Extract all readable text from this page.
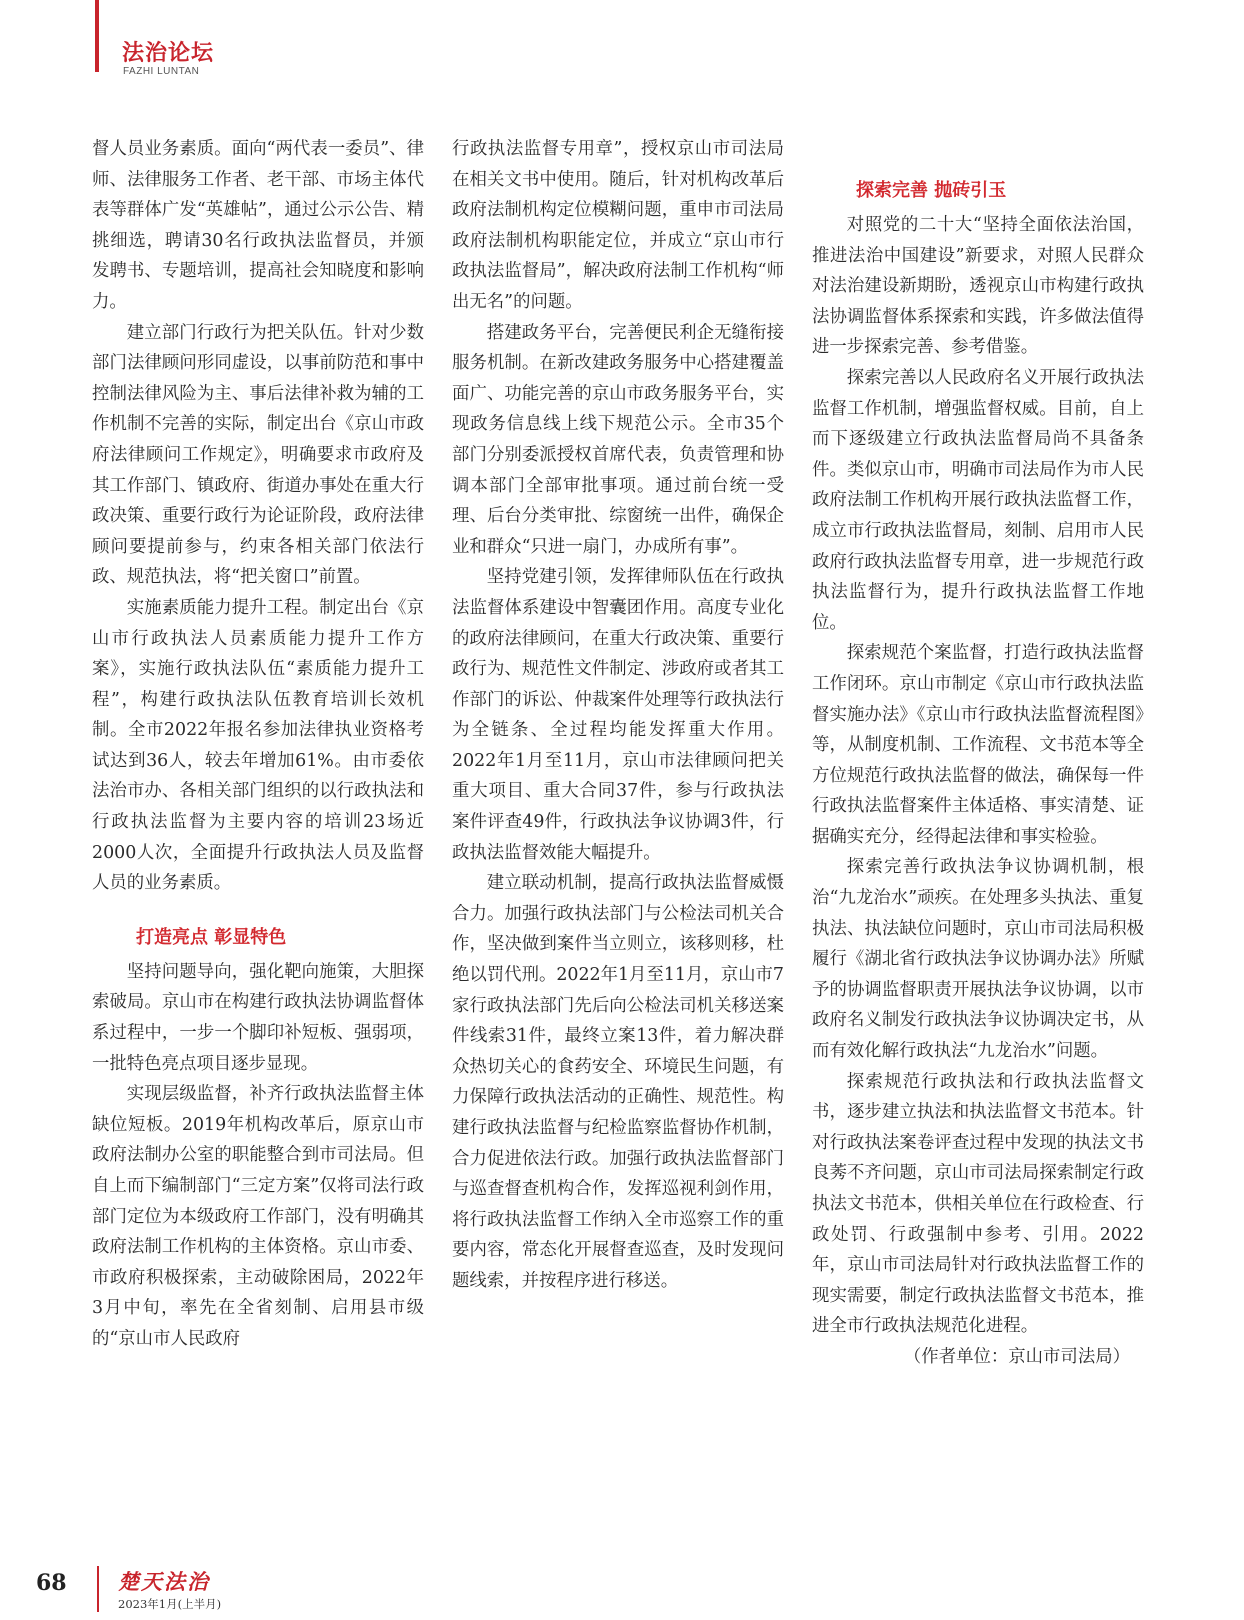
法治论坛
FAZHI LUNTAN

督人员业务素质。面向“两代表一委员”、律师、法律服务工作者、老干部、市场主体代表等群体广发“英雄帖”，通过公示公告、精挑细选，聘请30名行政执法监督员，并颁发聘书、专题培训，提高社会知晓度和影响力。

建立部门行政行为把关队伍。针对少数部门法律顾问形同虚设，以事前防范和事中控制法律风险为主、事后法律补救为辅的工作机制不完善的实际，制定出台《京山市政府法律顾问工作规定》，明确要求市政府及其工作部门、镇政府、街道办事处在重大行政决策、重要行政行为论证阶段，政府法律顾问要提前参与，约束各相关部门依法行政、规范执法，将“把关窗口”前置。

实施素质能力提升工程。制定出台《京山市行政执法人员素质能力提升工作方案》，实施行政执法队伍“素质能力提升工程”，构建行政执法队伍教育培训长效机制。全市2022年报名参加法律执业资格考试达到36人，较去年增加61%。由市委依法治市办、各相关部门组织的以行政执法和行政执法监督为主要内容的培训23场近2000人次，全面提升行政执法人员及监督人员的业务素质。

打造亮点 彰显特色

坚持问题导向，强化靶向施策，大胆探索破局。京山市在构建行政执法协调监督体系过程中，一步一个脚印补短板、强弱项，一批特色亮点项目逐步显现。

实现层级监督，补齐行政执法监督主体缺位短板。2019年机构改革后，原京山市政府法制办公室的职能整合到市司法局。但自上而下编制部门“三定方案”仅将司法行政部门定位为本级政府工作部门，没有明确其政府法制工作机构的主体资格。京山市委、市政府积极探索，主动破除困局，2022年3月中旬，率先在全省刻制、启用县市级的“京山市人民政府

行政执法监督专用章”，授权京山市司法局在相关文书中使用。随后，针对机构改革后政府法制机构定位模糊问题，重申市司法局政府法制机构职能定位，并成立“京山市行政执法监督局”，解决政府法制工作机构“师出无名”的问题。

搭建政务平台，完善便民利企无缝衔接服务机制。在新改建政务服务中心搭建覆盖面广、功能完善的京山市政务服务平台，实现政务信息线上线下规范公示。全市35个部门分别委派授权首席代表，负责管理和协调本部门全部审批事项。通过前台统一受理、后台分类审批、综窗统一出件，确保企业和群众“只进一扇门，办成所有事”。

坚持党建引领，发挥律师队伍在行政执法监督体系建设中智囊团作用。高度专业化的政府法律顾问，在重大行政决策、重要行政行为、规范性文件制定、涉政府或者其工作部门的诉讼、仲裁案件处理等行政执法行为全链条、全过程均能发挥重大作用。2022年1月至11月，京山市法律顾问把关重大项目、重大合同37件，参与行政执法案件评查49件，行政执法争议协调3件，行政执法监督效能大幅提升。

建立联动机制，提高行政执法监督威慑合力。加强行政执法部门与公检法司机关合作，坚决做到案件当立则立，该移则移，杜绝以罚代刑。2022年1月至11月，京山市7家行政执法部门先后向公检法司机关移送案件线索31件，最终立案13件，着力解决群众热切关心的食药安全、环境民生问题，有力保障行政执法活动的正确性、规范性。构建行政执法监督与纪检监察监督协作机制，合力促进依法行政。加强行政执法监督部门与巡查督查机构合作，发挥巡视利剑作用，将行政执法监督工作纳入全市巡察工作的重要内容，常态化开展督查巡查，及时发现问题线索，并按程序进行移送。

探索完善 抛砖引玉

对照党的二十大“坚持全面依法治国，推进法治中国建设”新要求，对照人民群众对法治建设新期盼，透视京山市构建行政执法协调监督体系探索和实践，许多做法值得进一步探索完善、参考借鉴。

探索完善以人民政府名义开展行政执法监督工作机制，增强监督权威。目前，自上而下逐级建立行政执法监督局尚不具备条件。类似京山市，明确市司法局作为市人民政府法制工作机构开展行政执法监督工作，成立市行政执法监督局，刻制、启用市人民政府行政执法监督专用章，进一步规范行政执法监督行为，提升行政执法监督工作地位。

探索规范个案监督，打造行政执法监督工作闭环。京山市制定《京山市行政执法监督实施办法》《京山市行政执法监督流程图》等，从制度机制、工作流程、文书范本等全方位规范行政执法监督的做法，确保每一件行政执法监督案件主体适格、事实清楚、证据确实充分，经得起法律和事实检验。

探索完善行政执法争议协调机制，根治“九龙治水”顽疾。在处理多头执法、重复执法、执法缺位问题时，京山市司法局积极履行《湖北省行政执法争议协调办法》所赋予的协调监督职责开展执法争议协调，以市政府名义制发行政执法争议协调决定书，从而有效化解行政执法“九龙治水”问题。

探索规范行政执法和行政执法监督文书，逐步建立执法和执法监督文书范本。针对行政执法案卷评查过程中发现的执法文书良莠不齐问题，京山市司法局探索制定行政执法文书范本，供相关单位在行政检查、行政处罚、行政强制中参考、引用。2022年，京山市司法局针对行政执法监督工作的现实需要，制定行政执法监督文书范本，推进全市行政执法规范化进程。

（作者单位：京山市司法局）

68 楚天法治
2023年1月(上半月)
